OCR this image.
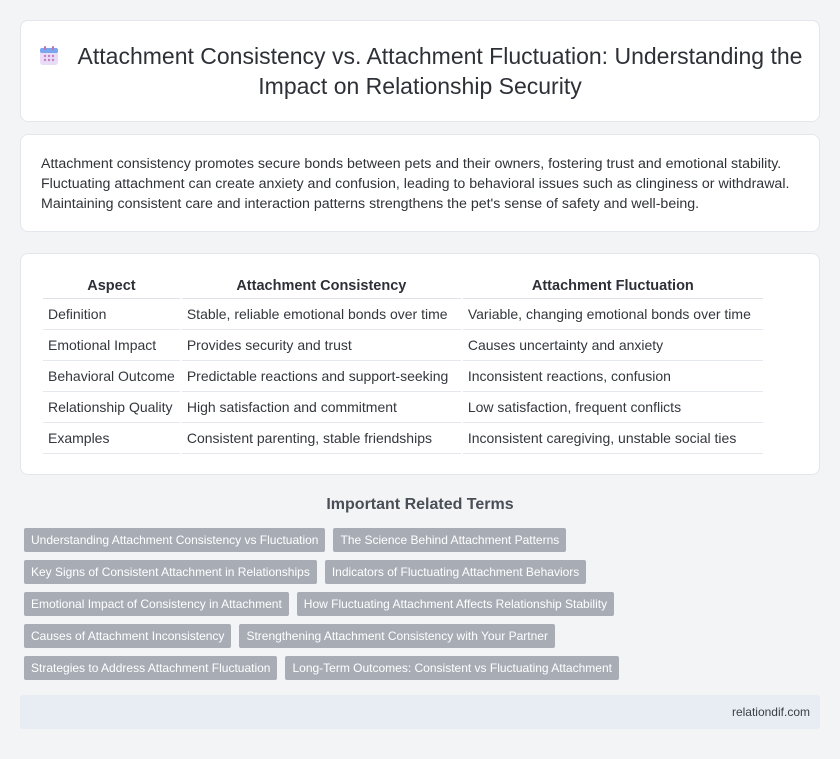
Attachment Consistency vs. Attachment Fluctuation: Understanding the Impact on Relationship Security

Attachment consistency promotes secure bonds between pets and their owners, fostering trust and emotional stability. Fluctuating attachment can create anxiety and confusion, leading to behavioral issues such as clinginess or withdrawal. Maintaining consistent care and interaction patterns strengthens the pet's sense of safety and well-being.

Aspect	Attachment Consistency	Attachment Fluctuation
Definition	Stable, reliable emotional bonds over time	Variable, changing emotional bonds over time
Emotional Impact	Provides security and trust	Causes uncertainty and anxiety
Behavioral Outcome	Predictable reactions and support-seeking	Inconsistent reactions, confusion
Relationship Quality	High satisfaction and commitment	Low satisfaction, frequent conflicts
Examples	Consistent parenting, stable friendships	Inconsistent caregiving, unstable social ties
Important Related Terms
Understanding Attachment Consistency vs Fluctuation	The Science Behind Attachment Patterns
Key Signs of Consistent Attachment in Relationships	Indicators of Fluctuating Attachment Behaviors
Emotional Impact of Consistency in Attachment	How Fluctuating Attachment Affects Relationship Stability
Causes of Attachment Inconsistency	Strengthening Attachment Consistency with Your Partner
Strategies to Address Attachment Fluctuation	Long-Term Outcomes: Consistent vs Fluctuating Attachment
relationdif.com
